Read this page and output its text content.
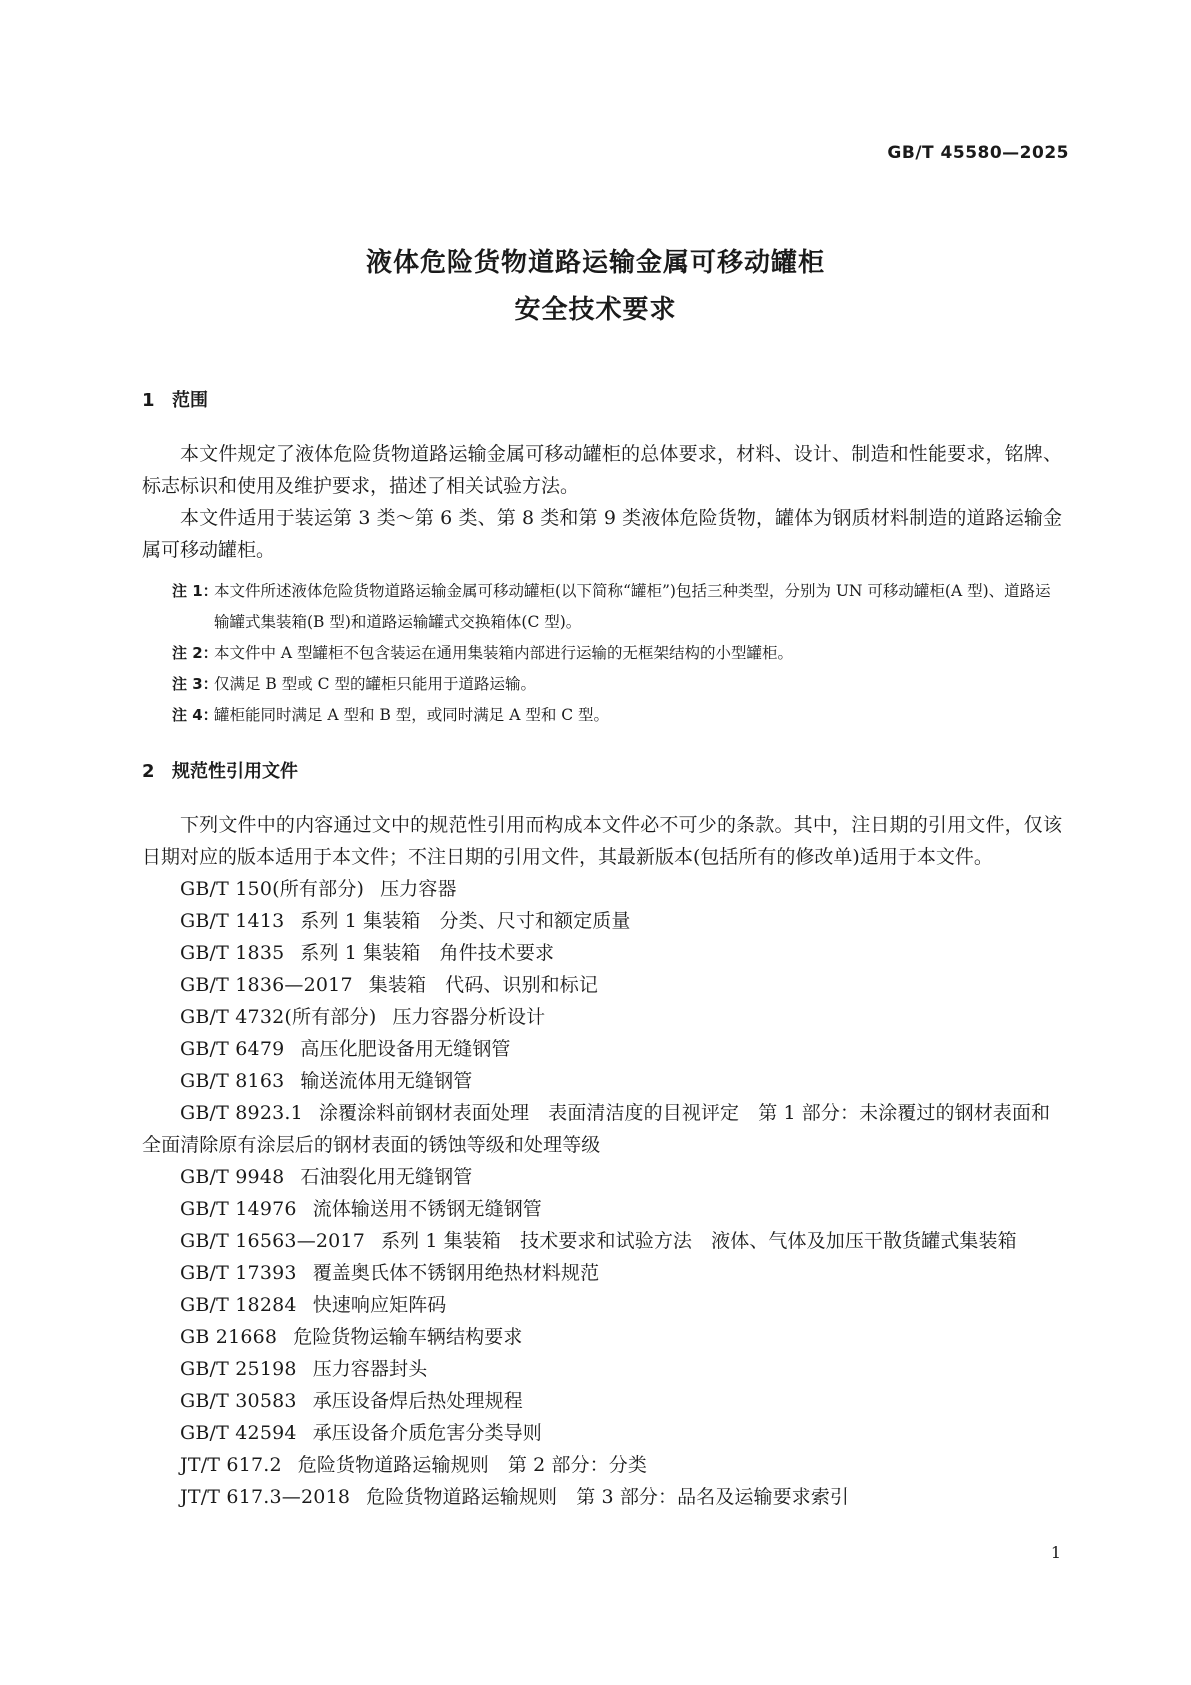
GB/T 45580—2025
液体危险货物道路运输金属可移动罐柜
安全技术要求
1 范围

本文件规定了液体危险货物道路运输金属可移动罐柜的总体要求，材料、设计、制造和性能要求，铭牌、标志标识和使用及维护要求，描述了相关试验方法。

本文件适用于装运第 3 类～第 6 类、第 8 类和第 9 类液体危险货物，罐体为钢质材料制造的道路运输金属可移动罐柜。

注 1：
本文件所述液体危险货物道路运输金属可移动罐柜(以下简称“罐柜”)包括三种类型，分别为 UN 可移动罐柜(A 型)、道路运输罐式集装箱(B 型)和道路运输罐式交换箱体(C 型)。

注 2：
本文件中 A 型罐柜不包含装运在通用集装箱内部进行运输的无框架结构的小型罐柜。

注 3：
仅满足 B 型或 C 型的罐柜只能用于道路运输。

注 4：
罐柜能同时满足 A 型和 B 型，或同时满足 A 型和 C 型。

2 规范性引用文件

下列文件中的内容通过文中的规范性引用而构成本文件必不可少的条款。其中，注日期的引用文件，仅该日期对应的版本适用于本文件；不注日期的引用文件，其最新版本(包括所有的修改单)适用于本文件。

GB/T 150(所有部分) 压力容器

GB/T 1413 系列 1 集装箱　分类、尺寸和额定质量

GB/T 1835 系列 1 集装箱　角件技术要求

GB/T 1836—2017 集装箱　代码、识别和标记

GB/T 4732(所有部分) 压力容器分析设计

GB/T 6479 高压化肥设备用无缝钢管

GB/T 8163 输送流体用无缝钢管

GB/T 8923.1 涂覆涂料前钢材表面处理　表面清洁度的目视评定　第 1 部分：未涂覆过的钢材表面和全面清除原有涂层后的钢材表面的锈蚀等级和处理等级

GB/T 9948 石油裂化用无缝钢管

GB/T 14976 流体输送用不锈钢无缝钢管

GB/T 16563—2017 系列 1 集装箱　技术要求和试验方法　液体、气体及加压干散货罐式集装箱

GB/T 17393 覆盖奥氏体不锈钢用绝热材料规范

GB/T 18284 快速响应矩阵码

GB 21668 危险货物运输车辆结构要求

GB/T 25198 压力容器封头

GB/T 30583 承压设备焊后热处理规程

GB/T 42594 承压设备介质危害分类导则

JT/T 617.2 危险货物道路运输规则　第 2 部分：分类

JT/T 617.3—2018 危险货物道路运输规则　第 3 部分：品名及运输要求索引

1
